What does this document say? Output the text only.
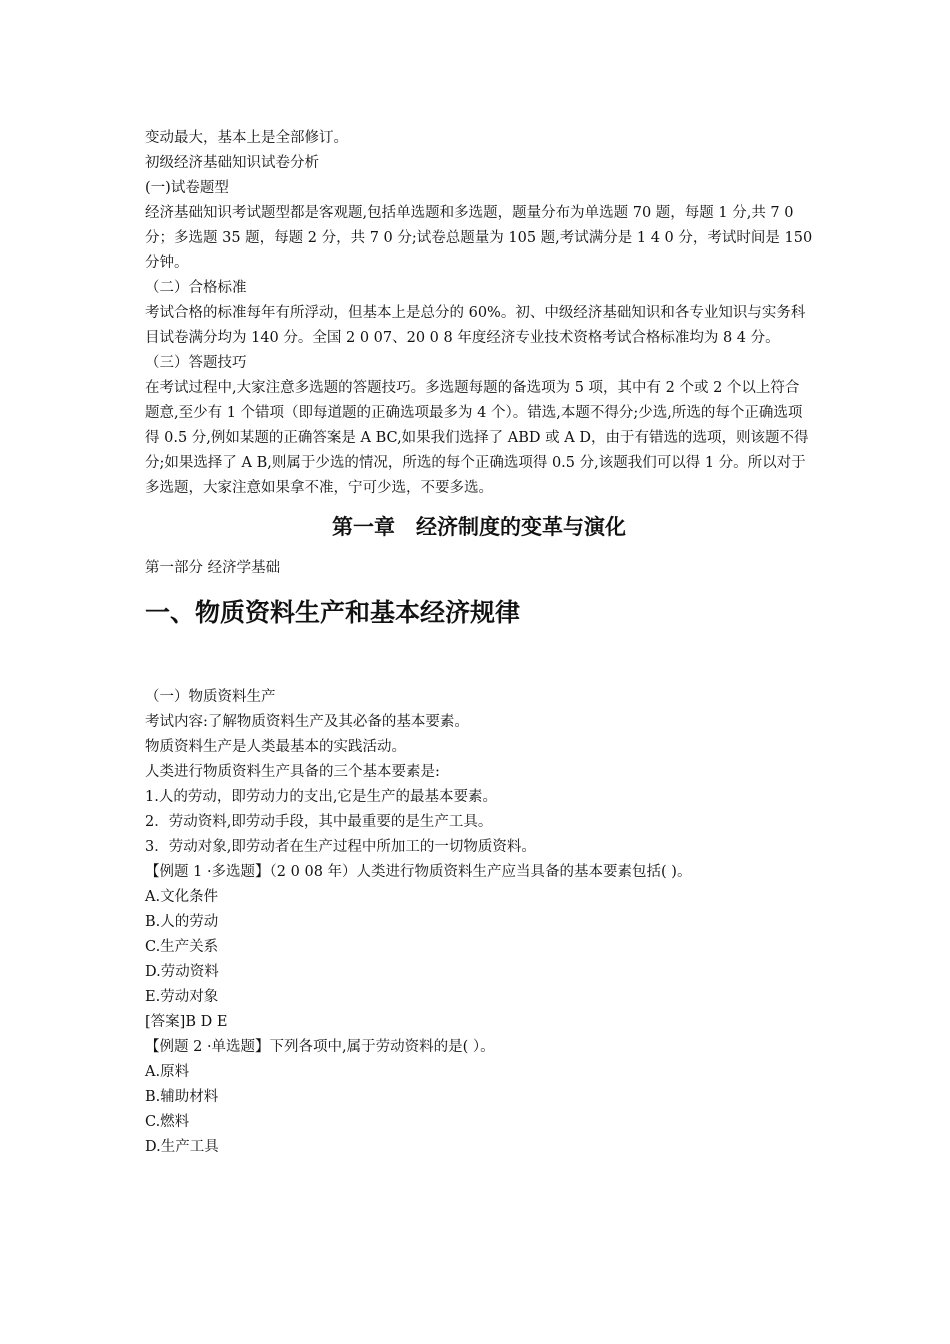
变动最大，基本上是全部修订。

初级经济基础知识试卷分析

(一)试卷题型

经济基础知识考试题型都是客观题,包括单选题和多选题，题量分布为单选题 70 题，每题 1 分,共 7 0 分；多选题 35 题，每题 2 分，共 7 0 分;试卷总题量为 105 题,考试满分是 1 4 0 分，考试时间是 150 分钟。

（二）合格标准

考试合格的标准每年有所浮动，但基本上是总分的 60%。初、中级经济基础知识和各专业知识与实务科目试卷满分均为 140 分。全国 2 0 07、20 0 8 年度经济专业技术资格考试合格标准均为 8 4 分。

（三）答题技巧

在考试过程中,大家注意多选题的答题技巧。多选题每题的备选项为 5 项，其中有 2 个或 2 个以上符合题意,至少有 1 个错项（即每道题的正确选项最多为 4 个）。错选,本题不得分;少选,所选的每个正确选项得 0.5 分,例如某题的正确答案是 A BC,如果我们选择了 ABD 或 A D，由于有错选的选项，则该题不得分;如果选择了 A B,则属于少选的情况，所选的每个正确选项得 0.5 分,该题我们可以得 1 分。所以对于多选题，大家注意如果拿不准，宁可少选，不要多选。

第一章　经济制度的变革与演化

第一部分 经济学基础

一、物质资料生产和基本经济规律

（一）物质资料生产

考试内容:了解物质资料生产及其必备的基本要素。

物质资料生产是人类最基本的实践活动。

人类进行物质资料生产具备的三个基本要素是:

1.人的劳动，即劳动力的支出,它是生产的最基本要素。

2．劳动资料,即劳动手段，其中最重要的是生产工具。

3．劳动对象,即劳动者在生产过程中所加工的一切物质资料。

【例题 1 ·多选题】（2 0 08 年）人类进行物质资料生产应当具备的基本要素包括( )。

A.文化条件

B.人的劳动

C.生产关系

D.劳动资料

E.劳动对象

[答案]B D E

【例题 2 ·单选题】下列各项中,属于劳动资料的是( ）。

A.原料

B.辅助材料

C.燃料

D.生产工具
